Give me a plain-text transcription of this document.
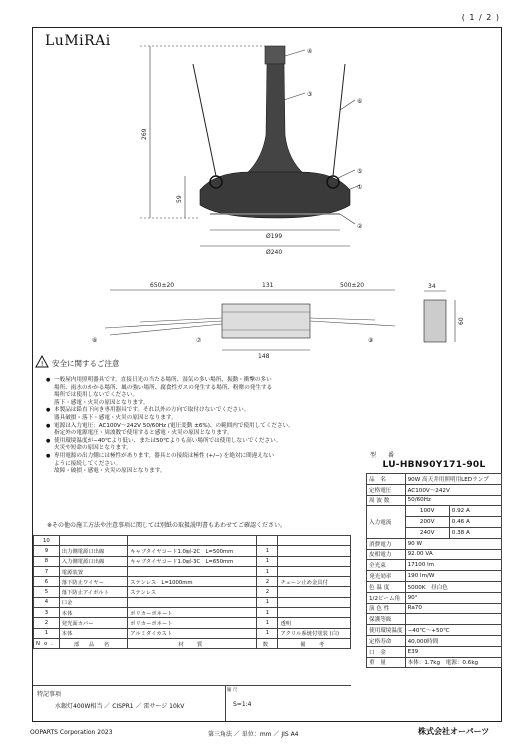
( 1 / 2 )
LuMiRAi
269
59
Ø199
Ø240
650±20	131	500±20	34
60
148
①
②
③
④
⑤
⑥
⑦
⑧	⑨
! 安全に関するご注意
● 一般屋内用照明器具です。直接日光の当たる場所、湿気の多い場所、振動・衝撃の多い
場所、雨水のかかる場所、風の強い場所、腐食性ガスの発生する場所、粉塵の発生する
場所では使用しないでください。
落下・感電・火災の原因となります。
● 本製品は鉛直下向き専用器具です。それ以外の方向で取付けないでください。
器具破損・落下・感電・火災の原因となります。
● 電源は入力電圧：AC100V〜242V 50/60Hz (電圧変動 ±6%)、の範囲内で使用してください。
指定外の電源電圧・周波数で使用すると感電・火災の原因となります。
● 使用環境温度が−40℃より低い、または50℃よりも高い場所では使用しないでください。
火災や短命の原因となります。
● 専用電源の出力側には極性があります。器具との接続は極性 (+/−) を絶対に間違えない
ように接続してください。
故障・破損・感電・火災の原因となります。
※その他の施工方法や注意事項に関しては別紙の取扱説明書もあわせてご確認ください。
10				
9	出力側電源口出線	キャブタイヤコード1.0㎟-2C　L=500mm	1	
8	入力側電源口出線	キャブタイヤコード1.0㎟-3C　L=650mm	1	
7	電源装置		1	
6	落下防止ワイヤー	ステンレス　L=1000mm	2	チェーン止め金具付
5	落下防止アイボルト	ステンレス	2	
4	口金		1	
3	本体	ポリカーボネート	1	
2	発光面カバー	ポリカーボネート	1	透明
1	本体	アルミダイカスト	1	アクリル系焼付塗装 (白)
No.	部 品 名	材　質	数	備　考
特記事項
水銀灯400W相当 ／ CISPR1 ／ 雷サージ 10kV
縮 尺
S=1:4
型　番
LU-HBN90Y171-90L
品　名	90W 高天井用照明用LEDランプ	
定格電圧	AC100V〜242V	
周 波 数	50/60Hz	
入力電流	100V	0.92 A
	200V	0.46 A
	240V	0.38 A
消費電力	90 W	
皮相電力	92.00 VA	
全光束	17100 lm	
発光効率	190 lm/W	
色 温 度	5000K　昼白色	
1/2ビーム角	90°	
演 色 性	Ra70	
保護等級		
使用環境温度	−40℃〜+50℃	
定格寿命	40,000時間	
口　金	E39	
重　量	本体：1.7kg　電源：0.6kg	
OOPARTS Corporation 2023	第三角法 ／ 単位：mm ／ JIS A4	株式会社オーパーツ
